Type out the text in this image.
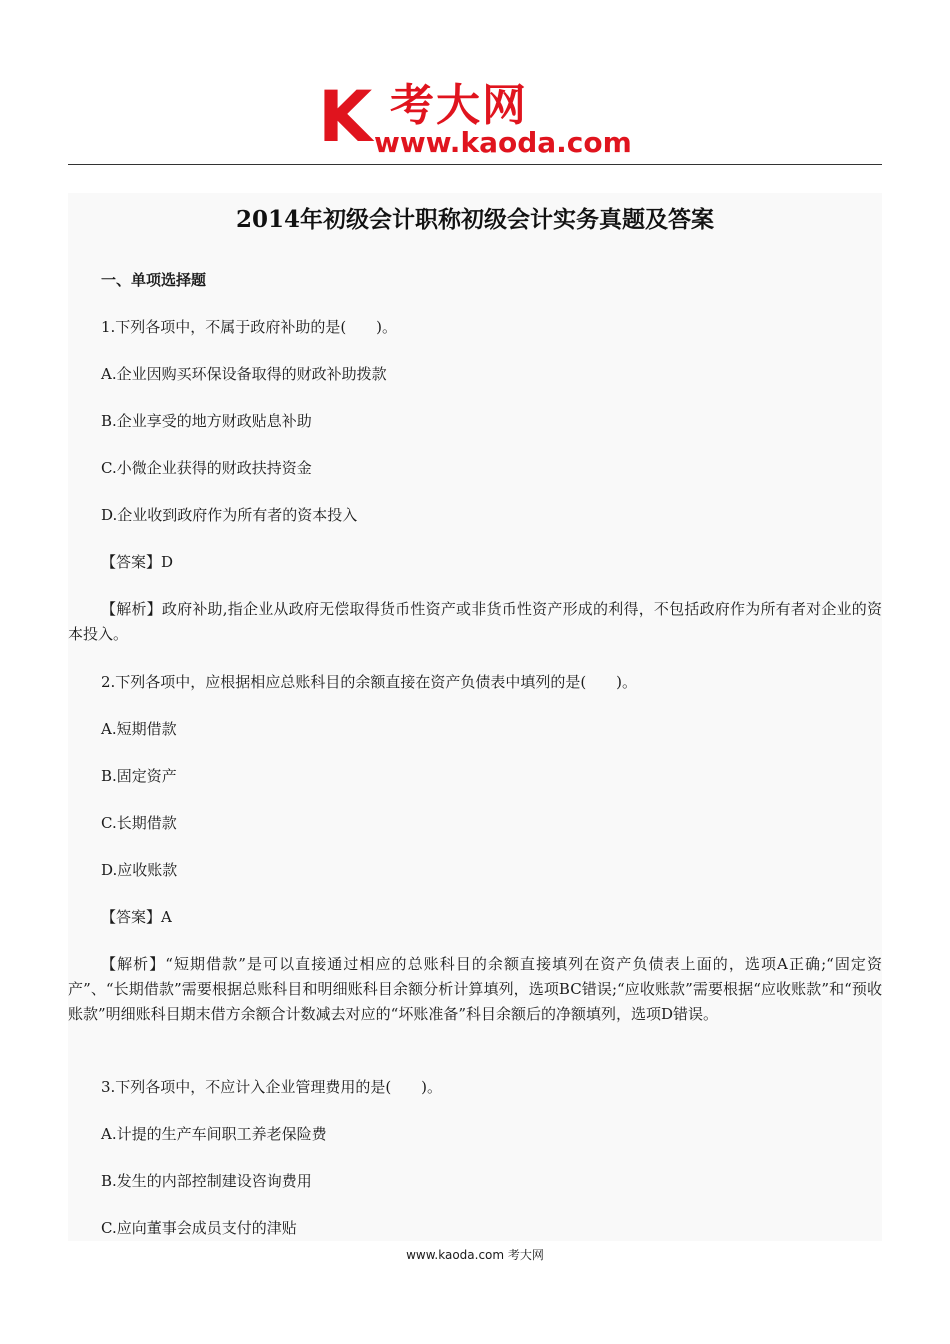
K 考大网
www.kaoda.com
2014年初级会计职称初级会计实务真题及答案
一、单项选择题
1.下列各项中，不属于政府补助的是(　　)。
A.企业因购买环保设备取得的财政补助拨款
B.企业享受的地方财政贴息补助
C.小微企业获得的财政扶持资金
D.企业收到政府作为所有者的资本投入
【答案】D
【解析】政府补助,指企业从政府无偿取得货币性资产或非货币性资产形成的利得，不包括政府作为所有者对企业的资本投入。
2.下列各项中，应根据相应总账科目的余额直接在资产负债表中填列的是(　　)。
A.短期借款
B.固定资产
C.长期借款
D.应收账款
【答案】A
【解析】“短期借款”是可以直接通过相应的总账科目的余额直接填列在资产负债表上面的，选项A正确;“固定资产”、“长期借款”需要根据总账科目和明细账科目余额分析计算填列，选项BC错误;“应收账款”需要根据“应收账款”和“预收账款”明细账科目期末借方余额合计数减去对应的“坏账准备”科目余额后的净额填列，选项D错误。
3.下列各项中，不应计入企业管理费用的是(　　)。
A.计提的生产车间职工养老保险费
B.发生的内部控制建设咨询费用
C.应向董事会成员支付的津贴
www.kaoda.com 考大网
